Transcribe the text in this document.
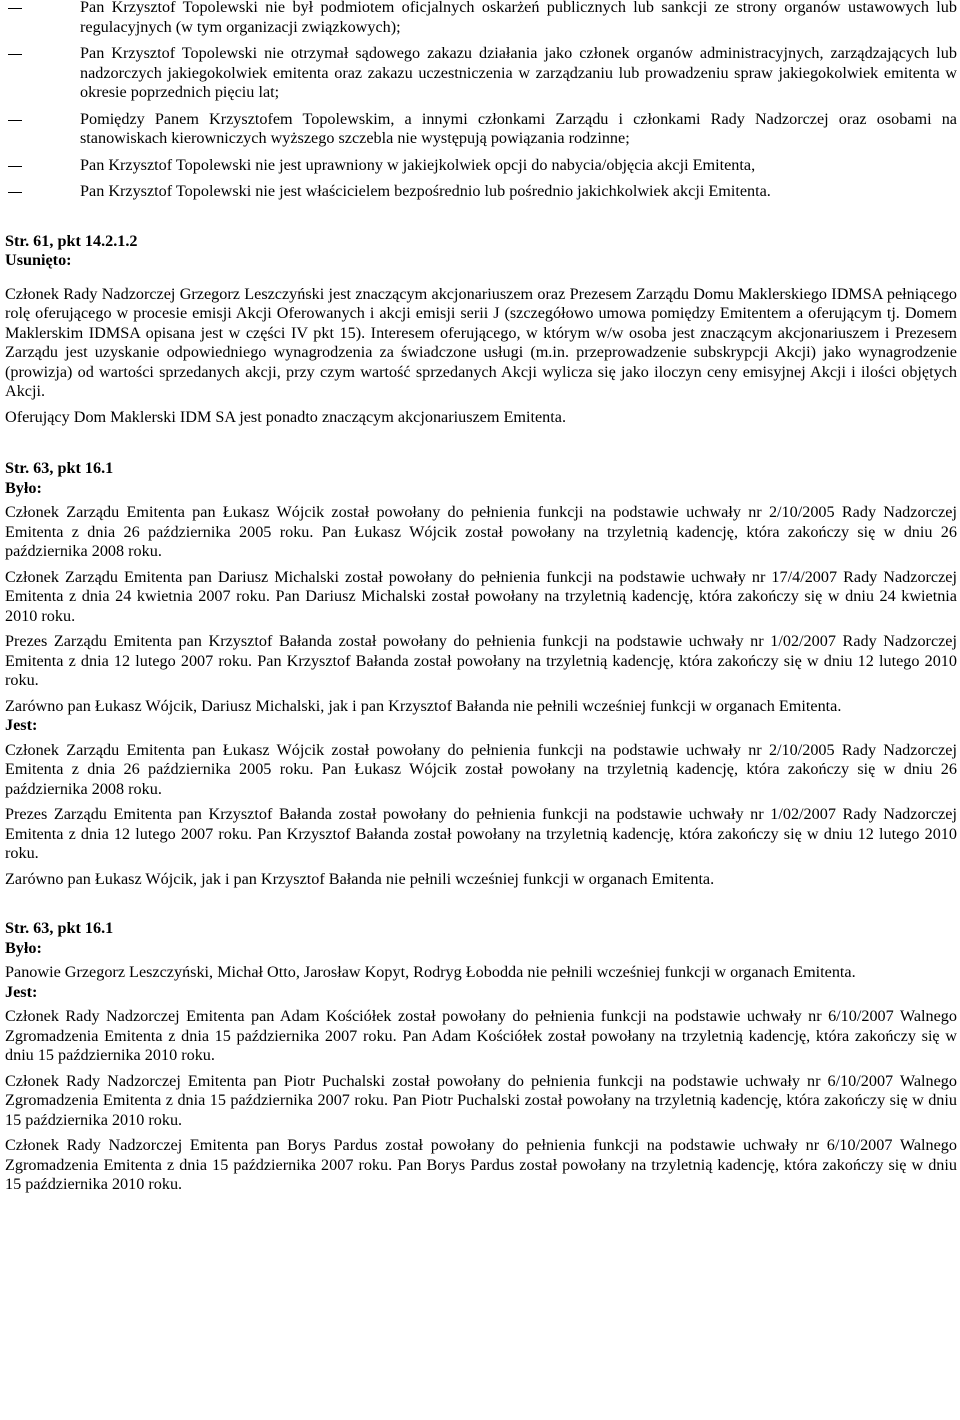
Pan Krzysztof Topolewski nie był podmiotem oficjalnych oskarżeń publicznych lub sankcji ze strony organów ustawowych lub regulacyjnych (w tym organizacji związkowych);
Pan Krzysztof Topolewski nie otrzymał sądowego zakazu działania jako członek organów administracyjnych, zarządzających lub nadzorczych jakiegokolwiek emitenta oraz zakazu uczestniczenia w zarządzaniu lub prowadzeniu spraw jakiegokolwiek emitenta w okresie poprzednich pięciu lat;
Pomiędzy Panem Krzysztofem Topolewskim, a innymi członkami Zarządu i członkami Rady Nadzorczej oraz osobami na stanowiskach kierowniczych wyższego szczebla nie występują powiązania rodzinne;
Pan Krzysztof Topolewski nie jest uprawniony w jakiejkolwiek opcji do nabycia/objęcia akcji Emitenta,
Pan Krzysztof Topolewski nie jest właścicielem bezpośrednio lub pośrednio jakichkolwiek akcji Emitenta.

Str. 61, pkt 14.2.1.2

Usunięto:

Członek Rady Nadzorczej Grzegorz Leszczyński jest znaczącym akcjonariuszem oraz Prezesem Zarządu Domu Maklerskiego IDMSA pełniącego rolę oferującego w procesie emisji Akcji Oferowanych i akcji emisji serii J (szczegółowo umowa pomiędzy Emitentem a oferującym tj. Domem Maklerskim IDMSA opisana jest w części IV pkt 15). Interesem oferującego, w którym w/w osoba jest znaczącym akcjonariuszem i Prezesem Zarządu jest uzyskanie odpowiedniego wynagrodzenia za świadczone usługi (m.in. przeprowadzenie subskrypcji Akcji) jako wynagrodzenie (prowizja) od wartości sprzedanych akcji, przy czym wartość sprzedanych Akcji wylicza się jako iloczyn ceny emisyjnej Akcji i ilości objętych Akcji.

Oferujący Dom Maklerski IDM SA jest ponadto znaczącym akcjonariuszem Emitenta.

Str. 63, pkt 16.1

Było:

Członek Zarządu Emitenta pan Łukasz Wójcik został powołany do pełnienia funkcji na podstawie uchwały nr 2/10/2005 Rady Nadzorczej Emitenta z dnia 26 października 2005 roku. Pan Łukasz Wójcik został powołany na trzyletnią kadencję, która zakończy się w dniu 26 października 2008 roku.

Członek Zarządu Emitenta pan Dariusz Michalski został powołany do pełnienia funkcji na podstawie uchwały nr 17/4/2007 Rady Nadzorczej Emitenta z dnia 24 kwietnia 2007 roku. Pan Dariusz Michalski został powołany na trzyletnią kadencję, która zakończy się w dniu 24 kwietnia 2010 roku.

Prezes Zarządu Emitenta pan Krzysztof Bałanda został powołany do pełnienia funkcji na podstawie uchwały nr 1/02/2007 Rady Nadzorczej Emitenta z dnia 12 lutego 2007 roku. Pan Krzysztof Bałanda został powołany na trzyletnią kadencję, która zakończy się w dniu 12 lutego 2010 roku.

Zarówno pan Łukasz Wójcik, Dariusz Michalski, jak i pan Krzysztof Bałanda nie pełnili wcześniej funkcji w organach Emitenta.

Jest:

Członek Zarządu Emitenta pan Łukasz Wójcik został powołany do pełnienia funkcji na podstawie uchwały nr 2/10/2005 Rady Nadzorczej Emitenta z dnia 26 października 2005 roku. Pan Łukasz Wójcik został powołany na trzyletnią kadencję, która zakończy się w dniu 26 października 2008 roku.

Prezes Zarządu Emitenta pan Krzysztof Bałanda został powołany do pełnienia funkcji na podstawie uchwały nr 1/02/2007 Rady Nadzorczej Emitenta z dnia 12 lutego 2007 roku. Pan Krzysztof Bałanda został powołany na trzyletnią kadencję, która zakończy się w dniu 12 lutego 2010 roku.

Zarówno pan Łukasz Wójcik, jak i pan Krzysztof Bałanda nie pełnili wcześniej funkcji w organach Emitenta.

Str. 63, pkt 16.1

Było:

Panowie Grzegorz Leszczyński, Michał Otto, Jarosław Kopyt, Rodryg Łobodda nie pełnili wcześniej funkcji w organach Emitenta.

Jest:

Członek Rady Nadzorczej Emitenta pan Adam Kościółek został powołany do pełnienia funkcji na podstawie uchwały nr 6/10/2007 Walnego Zgromadzenia Emitenta z dnia 15 października 2007 roku. Pan Adam Kościółek został powołany na trzyletnią kadencję, która zakończy się w dniu 15 października 2010 roku.

Członek Rady Nadzorczej Emitenta pan Piotr Puchalski został powołany do pełnienia funkcji na podstawie uchwały nr 6/10/2007 Walnego Zgromadzenia Emitenta z dnia 15 października 2007 roku. Pan Piotr Puchalski został powołany na trzyletnią kadencję, która zakończy się w dniu 15 października 2010 roku.

Członek Rady Nadzorczej Emitenta pan Borys Pardus został powołany do pełnienia funkcji na podstawie uchwały nr 6/10/2007 Walnego Zgromadzenia Emitenta z dnia 15 października 2007 roku. Pan Borys Pardus został powołany na trzyletnią kadencję, która zakończy się w dniu 15 października 2010 roku.
